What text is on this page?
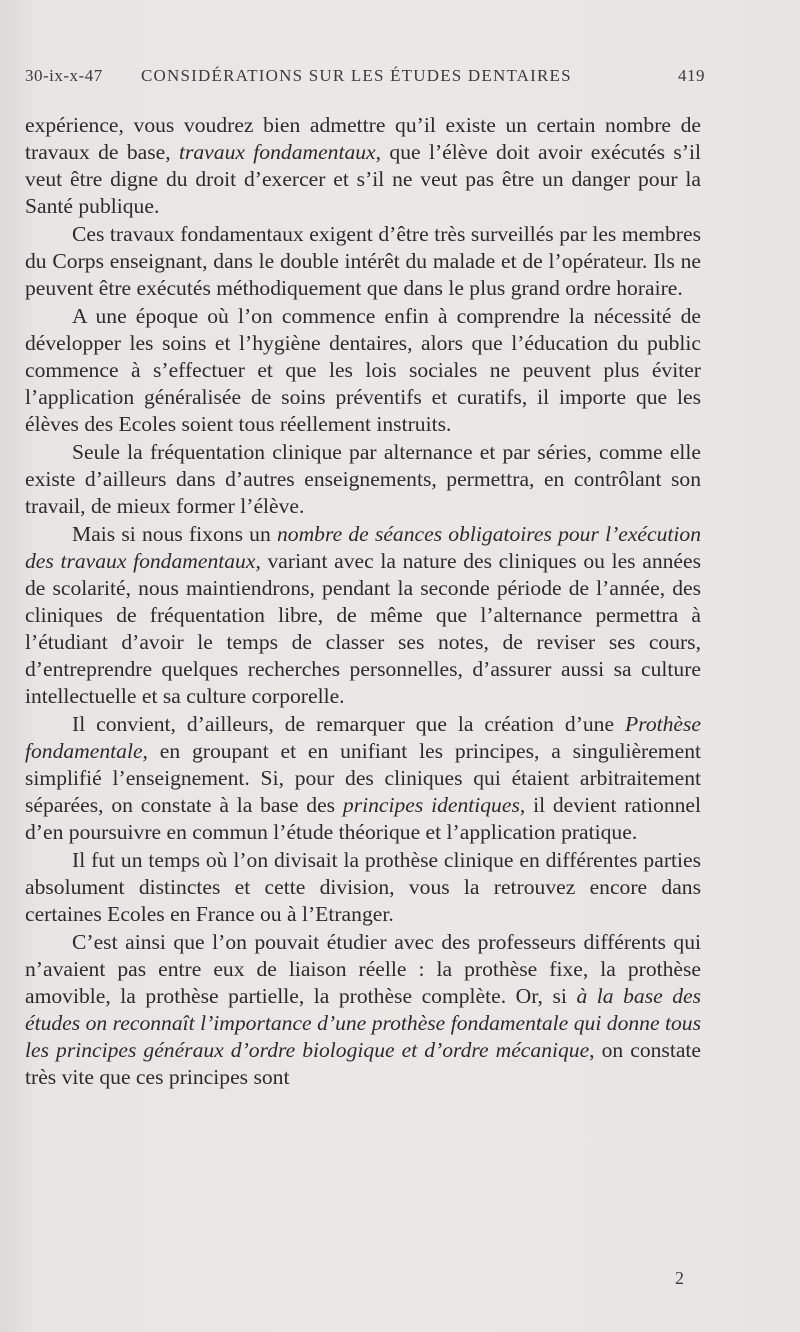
30-ix-x-47 CONSIDÉRATIONS SUR LES ÉTUDES DENTAIRES	419

expérience, vous voudrez bien admettre qu’il existe un certain nombre de travaux de base, travaux fondamentaux, que l’élève doit avoir exécutés s’il veut être digne du droit d’exercer et s’il ne veut pas être un danger pour la Santé publique.

Ces travaux fondamentaux exigent d’être très surveillés par les membres du Corps enseignant, dans le double intérêt du malade et de l’opérateur. Ils ne peuvent être exécutés méthodiquement que dans le plus grand ordre horaire.

A une époque où l’on commence enfin à comprendre la nécessité de développer les soins et l’hygiène dentaires, alors que l’éducation du public commence à s’effectuer et que les lois sociales ne peuvent plus éviter l’application généralisée de soins préventifs et curatifs, il importe que les élèves des Ecoles soient tous réellement instruits.

Seule la fréquentation clinique par alternance et par séries, comme elle existe d’ailleurs dans d’autres enseignements, permettra, en contrôlant son travail, de mieux former l’élève.

Mais si nous fixons un nombre de séances obligatoires pour l’exécution des travaux fondamentaux, variant avec la nature des cliniques ou les années de scolarité, nous maintiendrons, pendant la seconde période de l’année, des cliniques de fréquentation libre, de même que l’alternance permettra à l’étudiant d’avoir le temps de classer ses notes, de reviser ses cours, d’entreprendre quelques recherches personnelles, d’assurer aussi sa culture intellectuelle et sa culture corporelle.

Il convient, d’ailleurs, de remarquer que la création d’une Prothèse fondamentale, en groupant et en unifiant les principes, a singulièrement simplifié l’enseignement. Si, pour des cliniques qui étaient arbitraitement séparées, on constate à la base des principes identiques, il devient rationnel d’en poursuivre en commun l’étude théorique et l’application pratique.

Il fut un temps où l’on divisait la prothèse clinique en différentes parties absolument distinctes et cette division, vous la retrouvez encore dans certaines Ecoles en France ou à l’Etranger.

C’est ainsi que l’on pouvait étudier avec des professeurs différents qui n’avaient pas entre eux de liaison réelle : la prothèse fixe, la prothèse amovible, la prothèse partielle, la prothèse complète. Or, si à la base des études on reconnaît l’importance d’une prothèse fondamentale qui donne tous les principes généraux d’ordre biologique et d’ordre mécanique, on constate très vite que ces principes sont

2
